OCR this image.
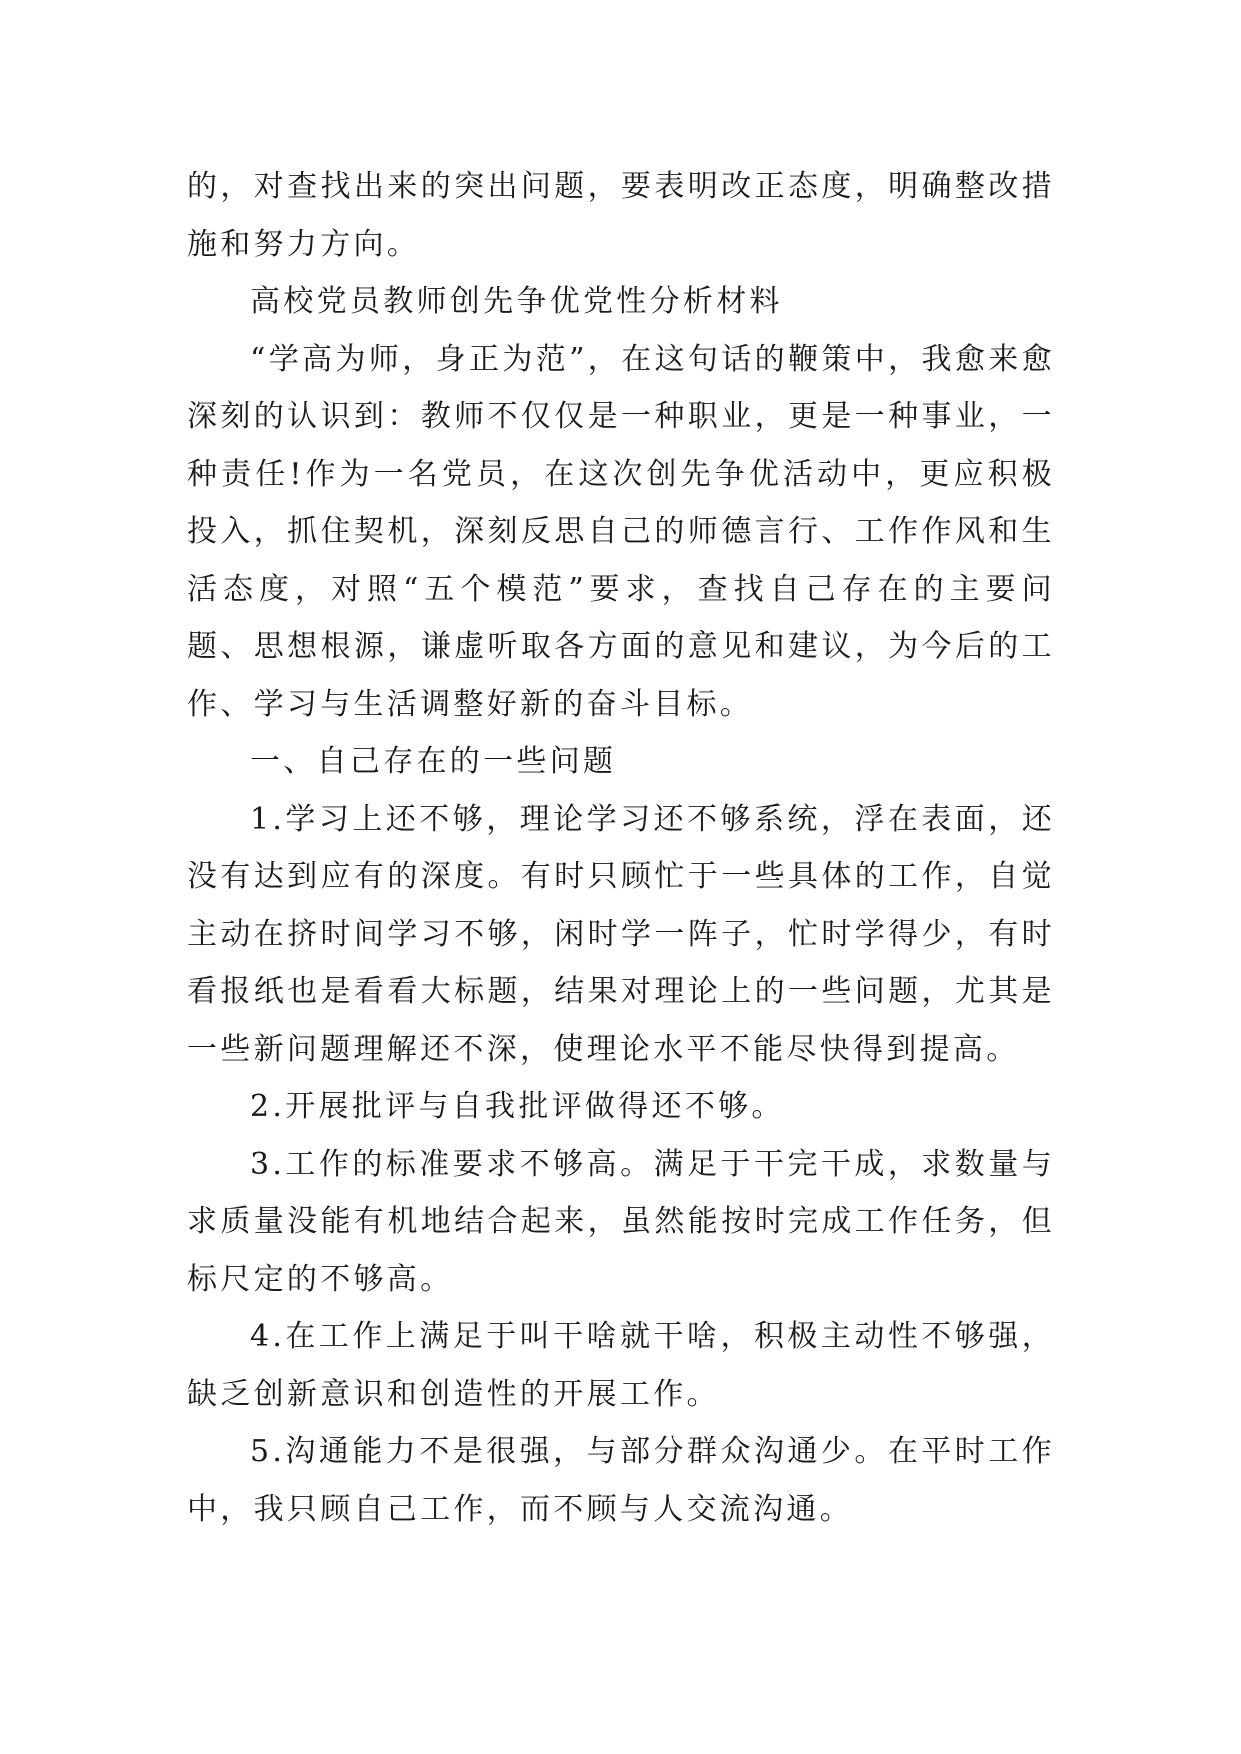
的，对查找出来的突出问题，要表明改正态度，明确整改措施和努力方向。

高校党员教师创先争优党性分析材料

“学高为师，身正为范”，在这句话的鞭策中，我愈来愈深刻的认识到：教师不仅仅是一种职业，更是一种事业，一种责任!作为一名党员，在这次创先争优活动中，更应积极投入，抓住契机，深刻反思自己的师德言行、工作作风和生活态度，对照“五个模范”要求，查找自己存在的主要问题、思想根源，谦虚听取各方面的意见和建议，为今后的工作、学习与生活调整好新的奋斗目标。

一、自己存在的一些问题

1.学习上还不够，理论学习还不够系统，浮在表面，还没有达到应有的深度。有时只顾忙于一些具体的工作，自觉主动在挤时间学习不够，闲时学一阵子，忙时学得少，有时看报纸也是看看大标题，结果对理论上的一些问题，尤其是一些新问题理解还不深，使理论水平不能尽快得到提高。

2.开展批评与自我批评做得还不够。

3.工作的标准要求不够高。满足于干完干成，求数量与求质量没能有机地结合起来，虽然能按时完成工作任务，但标尺定的不够高。

4.在工作上满足于叫干啥就干啥，积极主动性不够强，缺乏创新意识和创造性的开展工作。

5.沟通能力不是很强，与部分群众沟通少。在平时工作中，我只顾自己工作，而不顾与人交流沟通。
